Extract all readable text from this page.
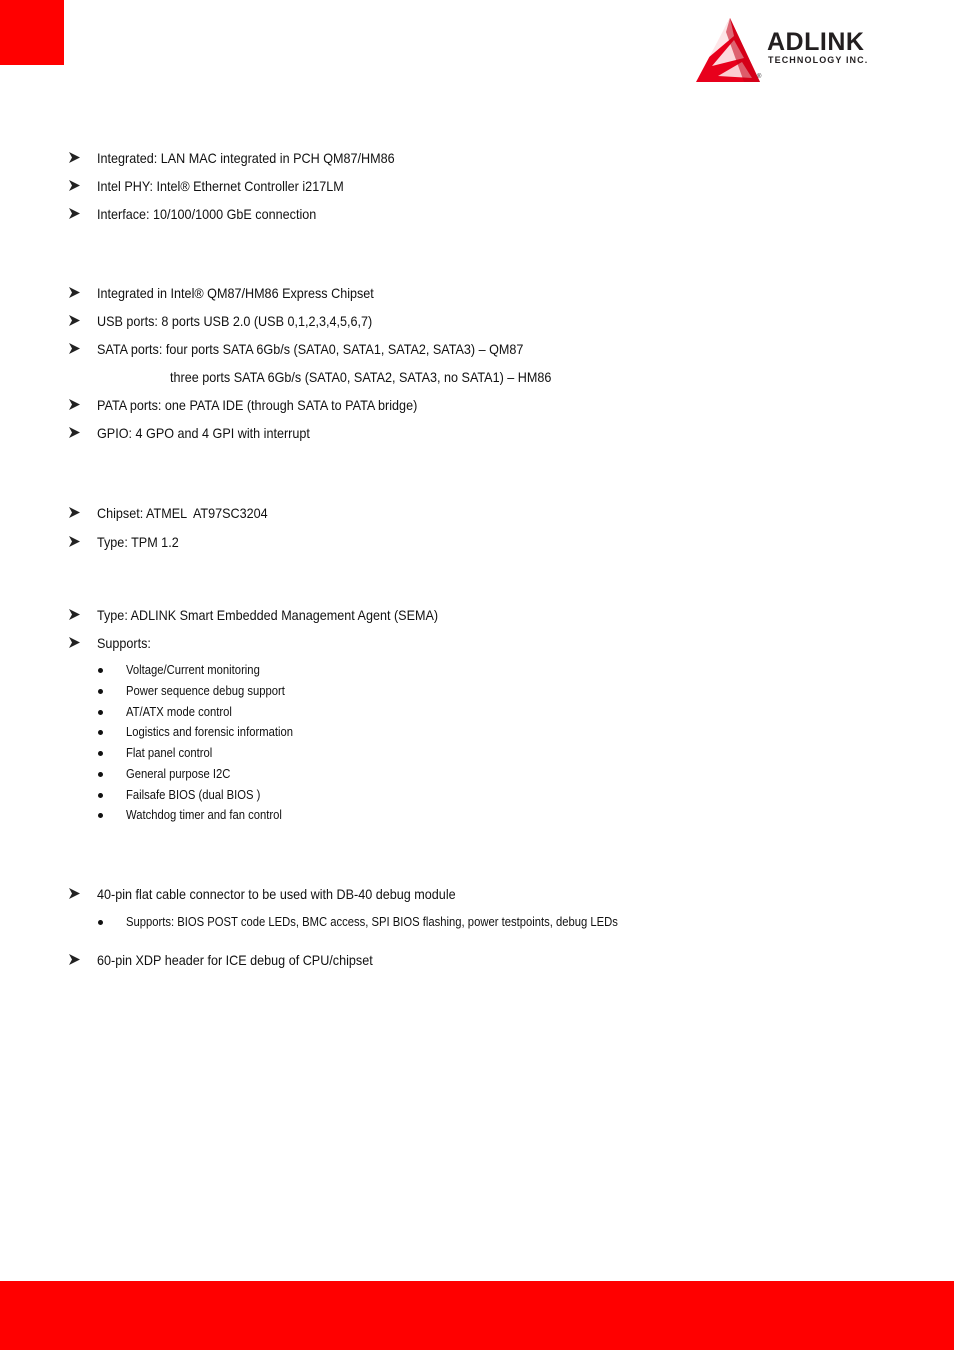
ADLINK
TECHNOLOGY INC.
®
Integrated: LAN MAC integrated in PCH QM87/HM86
Intel PHY: Intel® Ethernet Controller i217LM
Interface: 10/100/1000 GbE connection
Integrated in Intel® QM87/HM86 Express Chipset
USB ports: 8 ports USB 2.0 (USB 0,1,2,3,4,5,6,7)
SATA ports: four ports SATA 6Gb/s (SATA0, SATA1, SATA2, SATA3) – QM87
three ports SATA 6Gb/s (SATA0, SATA2, SATA3, no SATA1) – HM86
PATA ports: one PATA IDE (through SATA to PATA bridge)
GPIO: 4 GPO and 4 GPI with interrupt
Chipset: ATMEL  AT97SC3204
Type: TPM 1.2
Type: ADLINK Smart Embedded Management Agent (SEMA)
Supports:
Voltage/Current monitoring
Power sequence debug support
AT/ATX mode control
Logistics and forensic information
Flat panel control
General purpose I2C
Failsafe BIOS (dual BIOS )
Watchdog timer and fan control
40-pin flat cable connector to be used with DB-40 debug module
Supports: BIOS POST code LEDs, BMC access, SPI BIOS flashing, power testpoints, debug LEDs
60-pin XDP header for ICE debug of CPU/chipset
